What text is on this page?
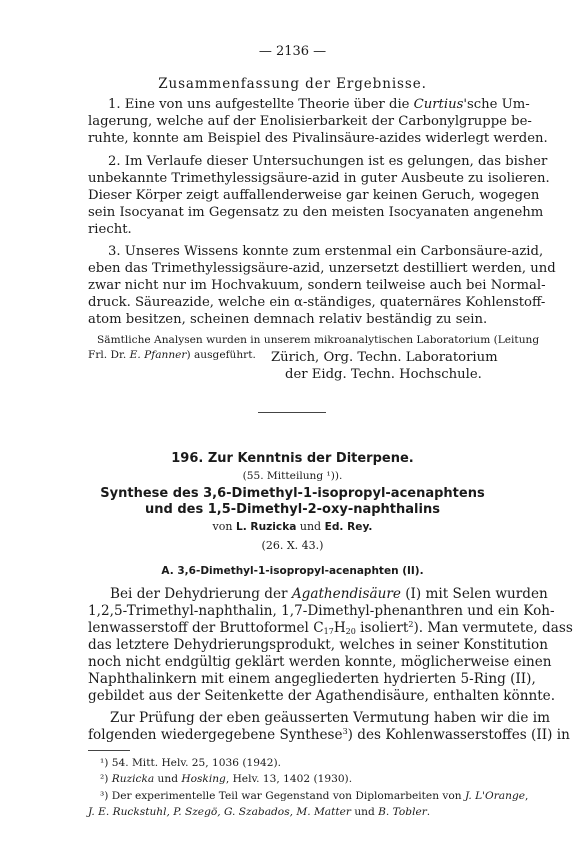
— 2136 —
Zusammenfassung der Ergebnisse.
1. Eine von uns aufgestellte Theorie über die Curtius'sche Um-
lagerung, welche auf der Enolisierbarkeit der Carbonylgruppe be-
ruhte, konnte am Beispiel des Pivalinsäure-azides widerlegt werden.
2. Im Verlaufe dieser Untersuchungen ist es gelungen, das bisher
unbekannte Trimethylessigsäure-azid in guter Ausbeute zu isolieren.
Dieser Körper zeigt auffallenderweise gar keinen Geruch, wogegen
sein Isocyanat im Gegensatz zu den meisten Isocyanaten angenehm
riecht.
3. Unseres Wissens konnte zum erstenmal ein Carbonsäure-azid,
eben das Trimethylessigsäure-azid, unzersetzt destilliert werden, und
zwar nicht nur im Hochvakuum, sondern teilweise auch bei Normal-
druck. Säureazide, welche ein α-ständiges, quaternäres Kohlenstoff-
atom besitzen, scheinen demnach relativ beständig zu sein.
Sämtliche Analysen wurden in unserem mikroanalytischen Laboratorium (Leitung
Frl. Dr. E. Pfanner) ausgeführt. Zürich, Org. Techn. Laboratorium
der Eidg. Techn. Hochschule.
196. Zur Kenntnis der Diterpene.
(55. Mitteilung ¹)).
Synthese des 3,6-Dimethyl-1-isopropyl-acenaphtens
und des 1,5-Dimethyl-2-oxy-naphthalins
von L. Ruzicka und Ed. Rey.
(26. X. 43.)
A. 3,6-Dimethyl-1-isopropyl-acenaphten (II).
Bei der Dehydrierung der Agathendisäure (I) mit Selen wurden
1,2,5-Trimethyl-naphthalin, 1,7-Dimethyl-phenanthren und ein Koh-
lenwasserstoff der Bruttoformel $C_{17}H_{20}$ isoliert$^2$). Man vermutete, dass
das letztere Dehydrierungsprodukt, welches in seiner Konstitution
noch nicht endgültig geklärt werden konnte, möglicherweise einen
Naphthalinkern mit einem angegliederten hydrierten 5-Ring (II),
gebildet aus der Seitenkette der Agathendisäure, enthalten könnte.
Zur Prüfung der eben geäusserten Vermutung haben wir die im
folgenden wiedergegebene Synthese$^3$) des Kohlenwasserstoffes (II) in
¹) 54. Mitt. Helv. 25, 1036 (1942).
²) Ruzicka und Hosking, Helv. 13, 1402 (1930).
³) Der experimentelle Teil war Gegenstand von Diplomarbeiten von J. L'Orange,
J. E. Ruckstuhl, P. Szegö, G. Szabados, M. Matter und B. Tobler.
